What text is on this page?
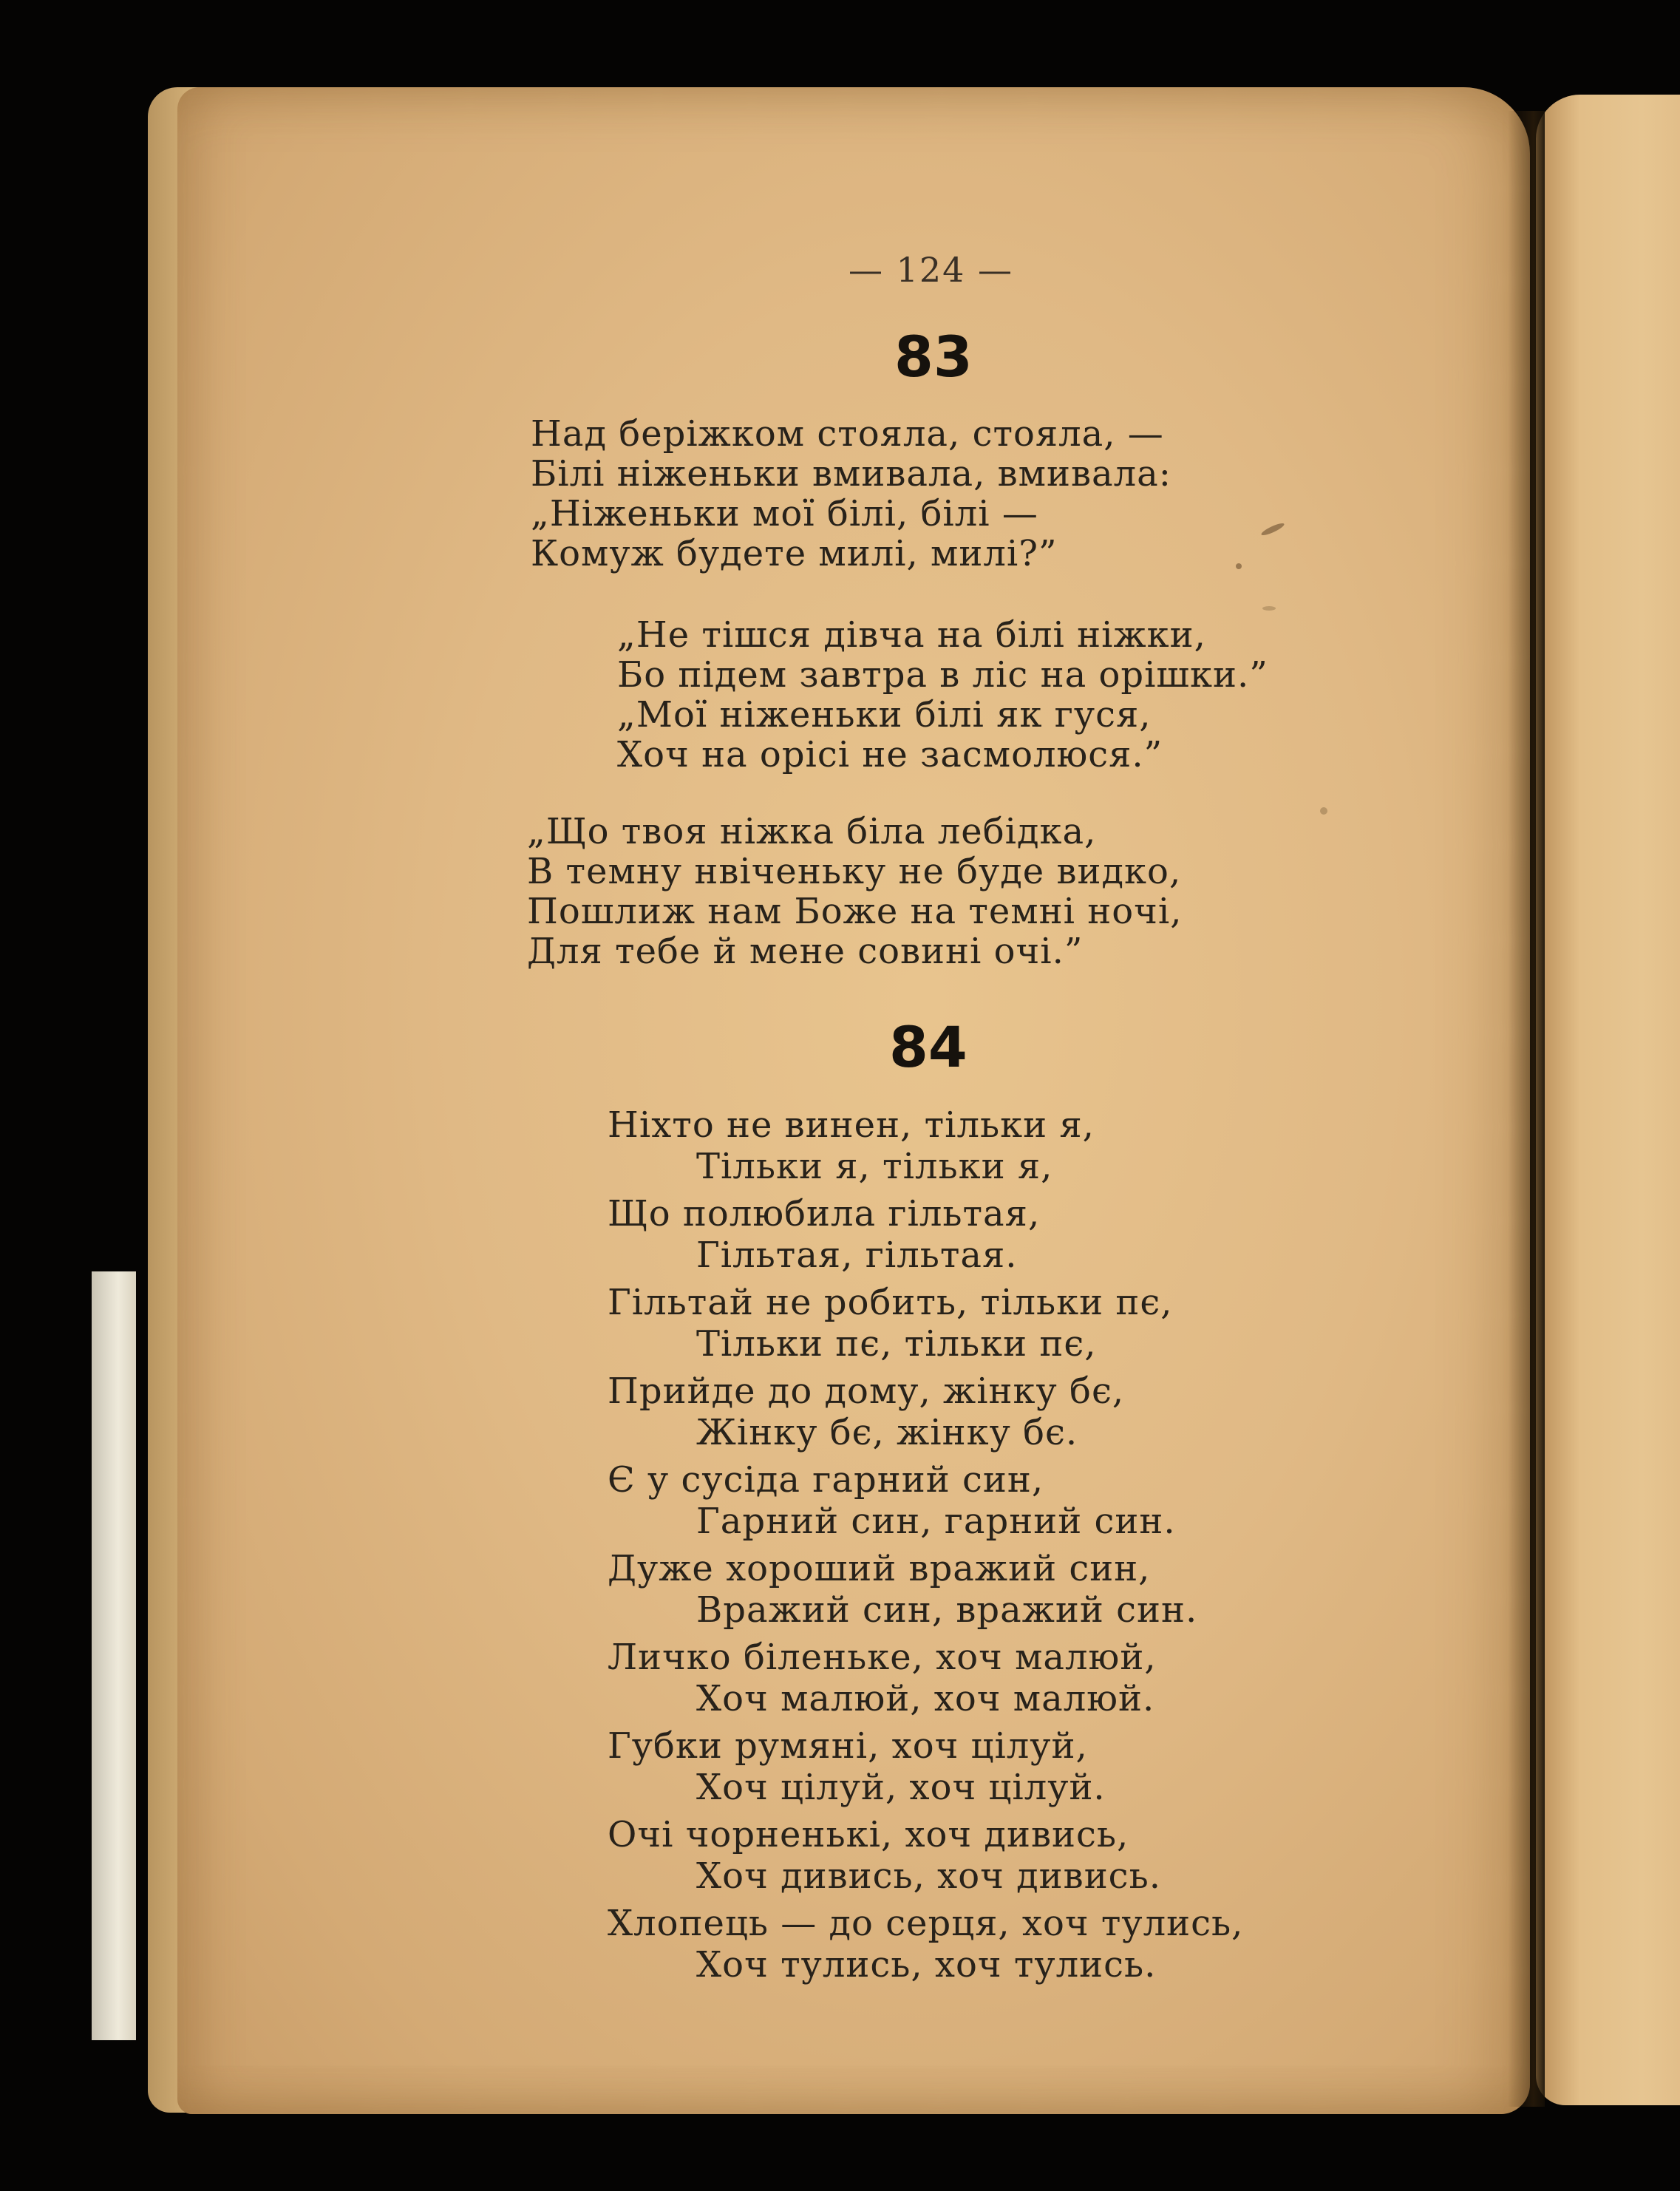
— 124 —
83
Над беріжком стояла, стояла, —
Білі ніженьки вмивала, вмивала:
„Ніженьки мої білі, білі —
Комуж будете милі, милі?”
„Не тішся дівча на білі ніжки,
Бо підем завтра в ліс на орішки.”
„Мої ніженьки білі як гуся,
Хоч на орісі не засмолюся.”
„Що твоя ніжка біла лебідка,
В темну нвіченьку не буде видко,
Пошлиж нам Боже на темні ночі,
Для тебе й мене совині очі.”
84
Ніхто не винен, тільки я,
Тільки я, тільки я,
Що полюбила гільтая,
Гільтая, гільтая.
Гільтай не робить, тільки пє,
Тільки пє, тільки пє,
Прийде до дому, жінку бє,
Жінку бє, жінку бє.
Є у сусіда гарний син,
Гарний син, гарний син.
Дуже хороший вражий син,
Вражий син, вражий син.
Личко біленьке, хоч малюй,
Хоч малюй, хоч малюй.
Губки румяні, хоч цілуй,
Хоч цілуй, хоч цілуй.
Очі чорненькі, хоч дивись,
Хоч дивись, хоч дивись.
Хлопець — до серця, хоч тулись,
Хоч тулись, хоч тулись.
